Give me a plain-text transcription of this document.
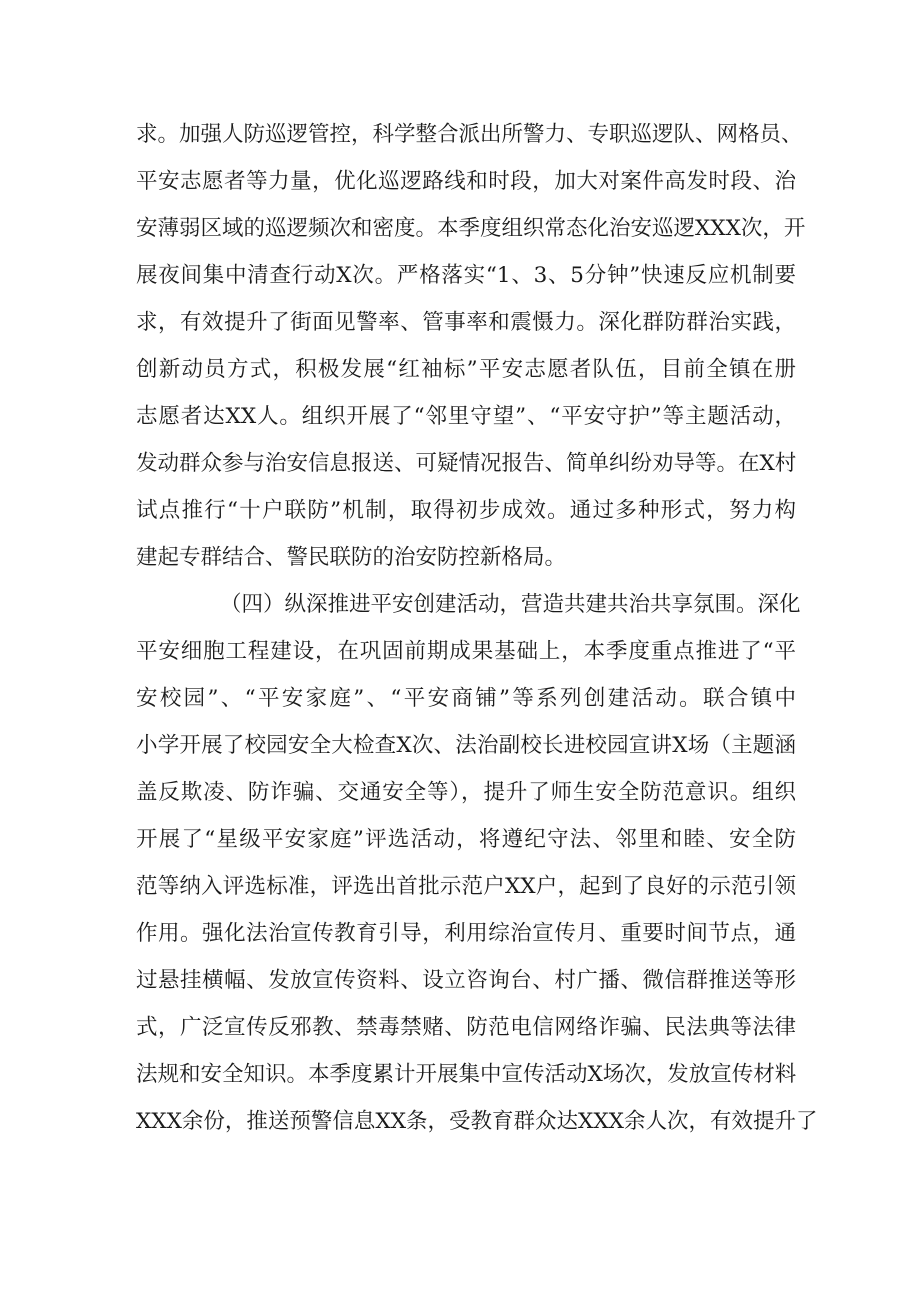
求。加强人防巡逻管控，科学整合派出所警力、专职巡逻队、网格员、
平安志愿者等力量，优化巡逻路线和时段，加大对案件高发时段、治
安薄弱区域的巡逻频次和密度。本季度组织常态化治安巡逻XXX次，开
展夜间集中清查行动X次。严格落实“1、3、5分钟”快速反应机制要
求，有效提升了街面见警率、管事率和震慑力。深化群防群治实践，
创新动员方式，积极发展“红袖标”平安志愿者队伍，目前全镇在册
志愿者达XX人。组织开展了“邻里守望”、“平安守护”等主题活动，
发动群众参与治安信息报送、可疑情况报告、简单纠纷劝导等。在X村
试点推行“十户联防”机制，取得初步成效。通过多种形式，努力构
建起专群结合、警民联防的治安防控新格局。
（四）纵深推进平安创建活动，营造共建共治共享氛围。深化
平安细胞工程建设，在巩固前期成果基础上，本季度重点推进了“平
安校园”、“平安家庭”、“平安商铺”等系列创建活动。联合镇中
小学开展了校园安全大检查X次、法治副校长进校园宣讲X场（主题涵
盖反欺凌、防诈骗、交通安全等），提升了师生安全防范意识。组织
开展了“星级平安家庭”评选活动，将遵纪守法、邻里和睦、安全防
范等纳入评选标准，评选出首批示范户XX户，起到了良好的示范引领
作用。强化法治宣传教育引导，利用综治宣传月、重要时间节点，通
过悬挂横幅、发放宣传资料、设立咨询台、村广播、微信群推送等形
式，广泛宣传反邪教、禁毒禁赌、防范电信网络诈骗、民法典等法律
法规和安全知识。本季度累计开展集中宣传活动X场次，发放宣传材料
XXX余份，推送预警信息XX条，受教育群众达XXX余人次，有效提升了
